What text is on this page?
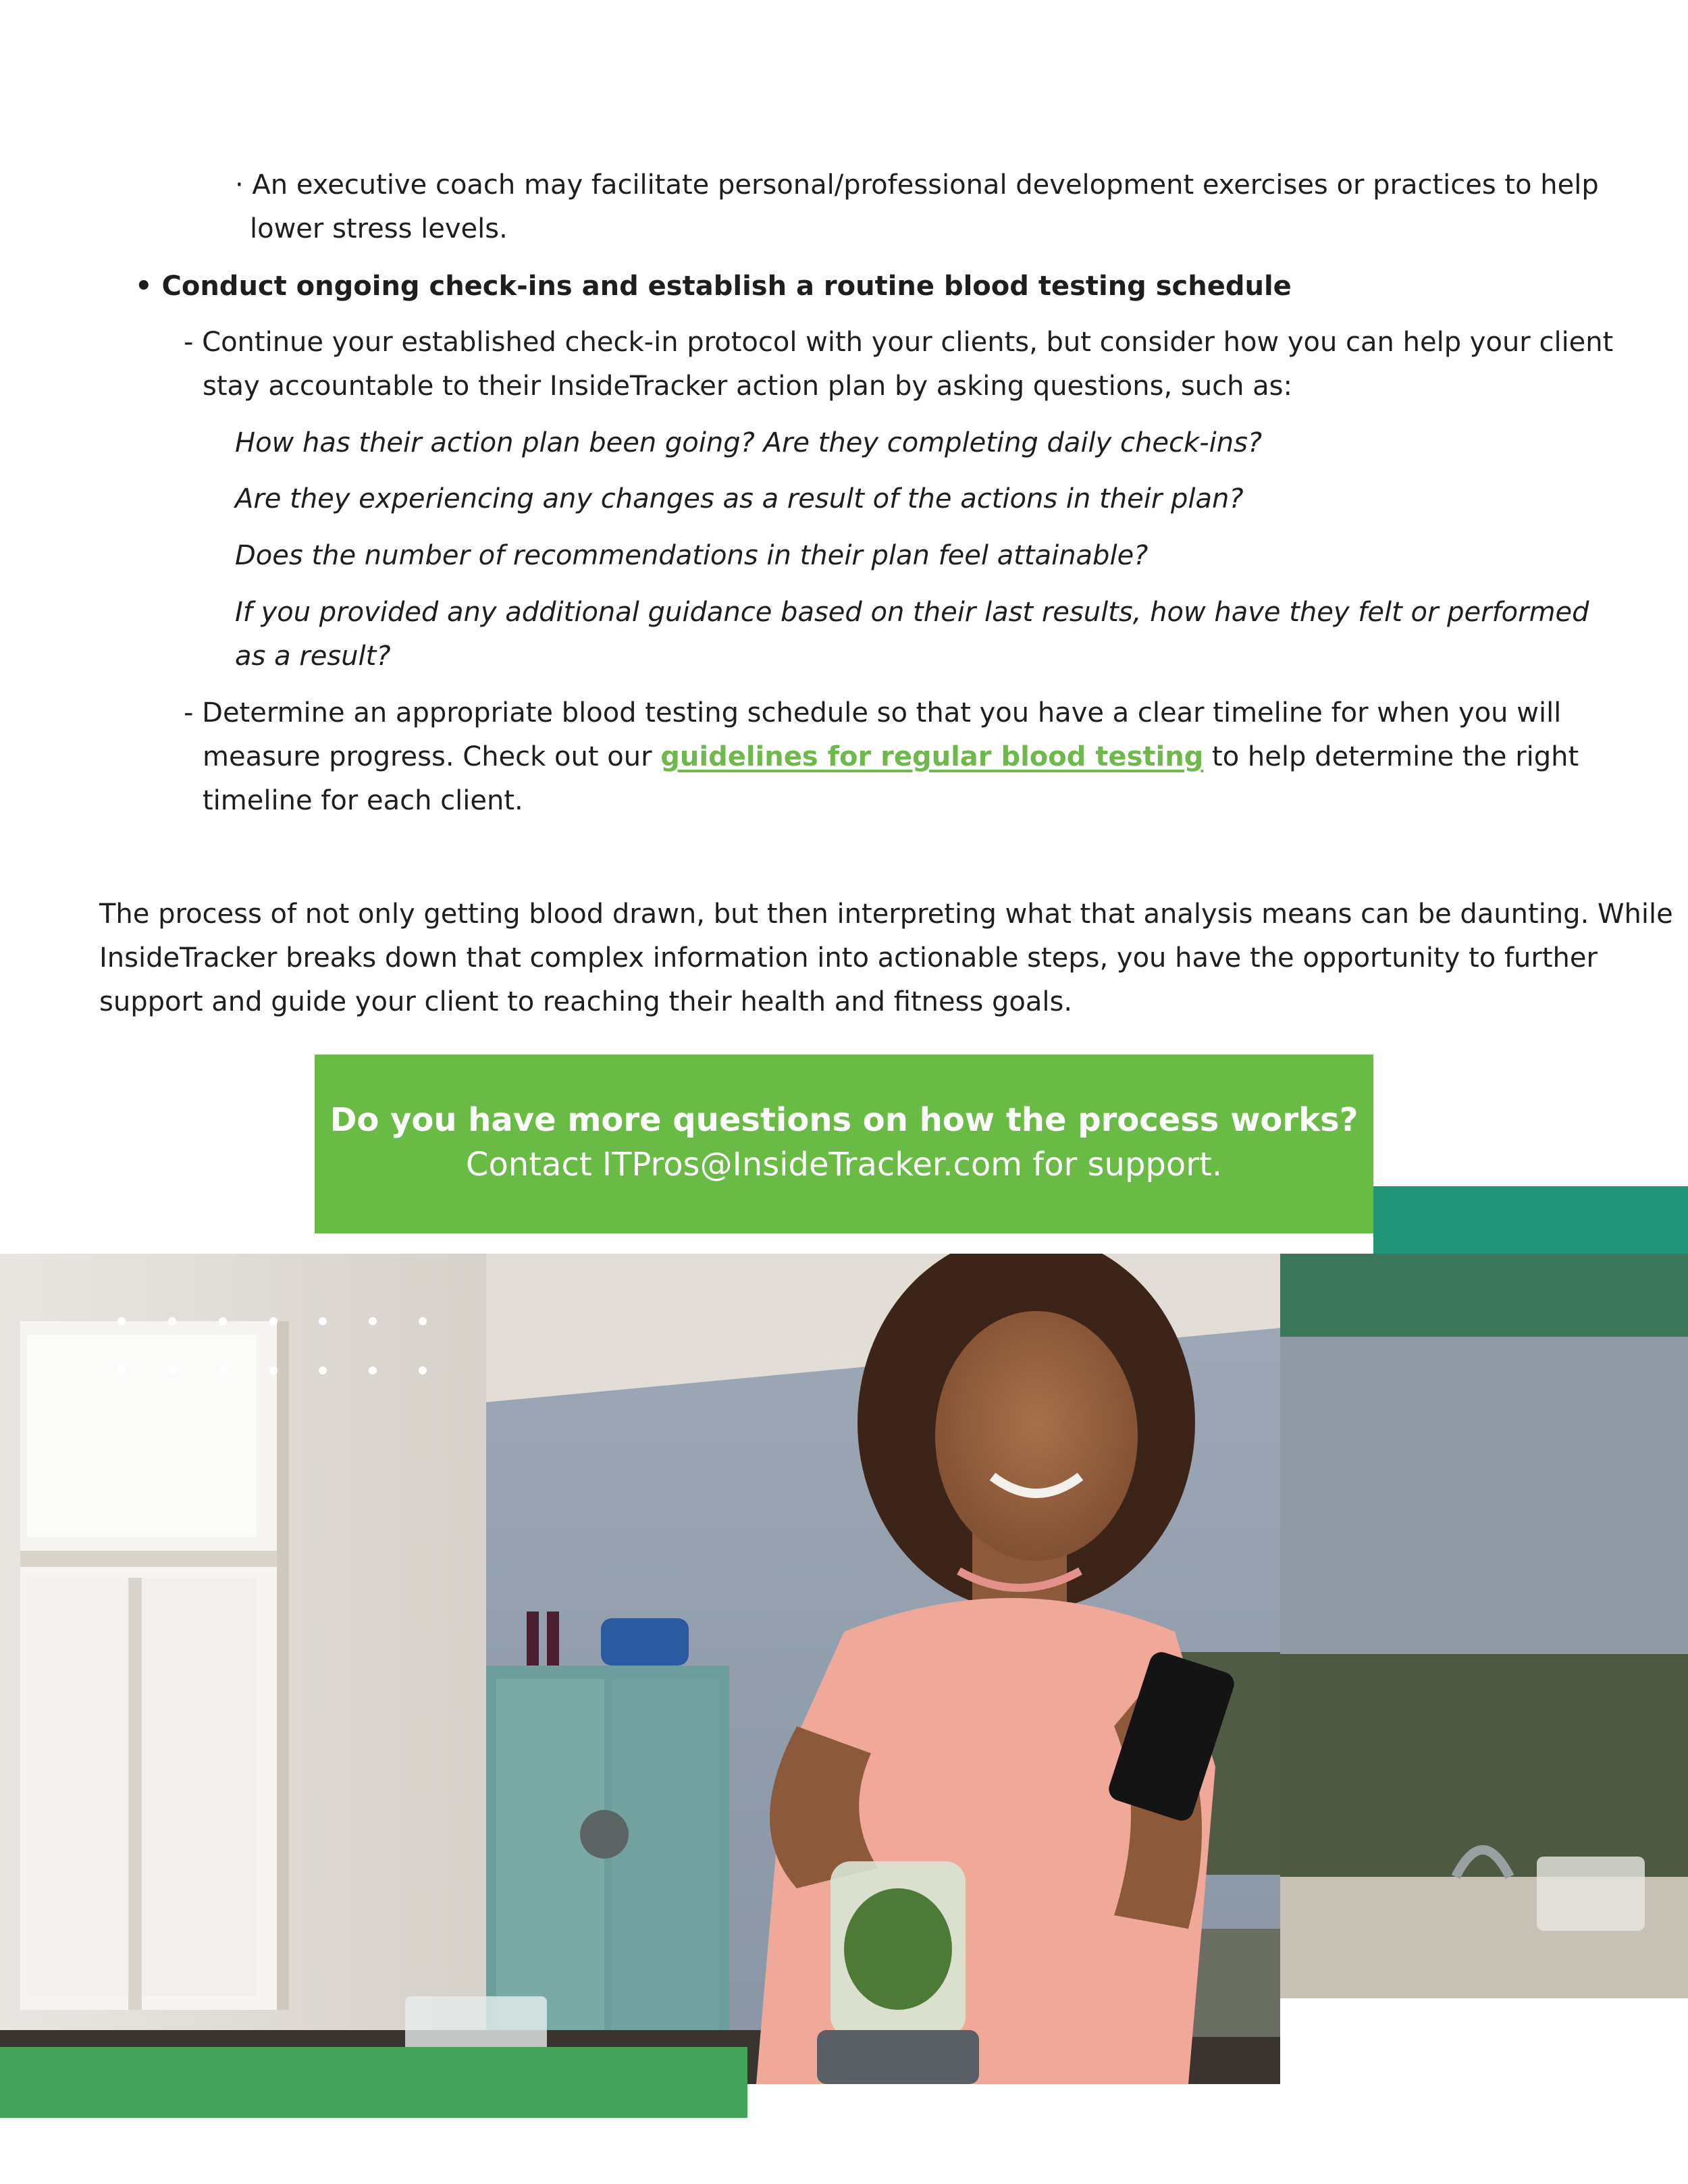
· An executive coach may facilitate personal/professional development exercises or practices to help

lower stress levels.

• Conduct ongoing check-ins and establish a routine blood testing schedule

- Continue your established check-in protocol with your clients, but consider how you can help your client

stay accountable to their InsideTracker action plan by asking questions, such as:

How has their action plan been going? Are they completing daily check-ins?

Are they experiencing any changes as a result of the actions in their plan?

Does the number of recommendations in their plan feel attainable?

If you provided any additional guidance based on their last results, how have they felt or performed

as a result?

- Determine an appropriate blood testing schedule so that you have a clear timeline for when you will

measure progress. Check out our guidelines for regular blood testing to help determine the right

timeline for each client.

The process of not only getting blood drawn, but then interpreting what that analysis means can be daunting. While

InsideTracker breaks down that complex information into actionable steps, you have the opportunity to further

support and guide your client to reaching their health and fitness goals.

Do you have more questions on how the process works?
Contact ITPros@InsideTracker.com for support.
